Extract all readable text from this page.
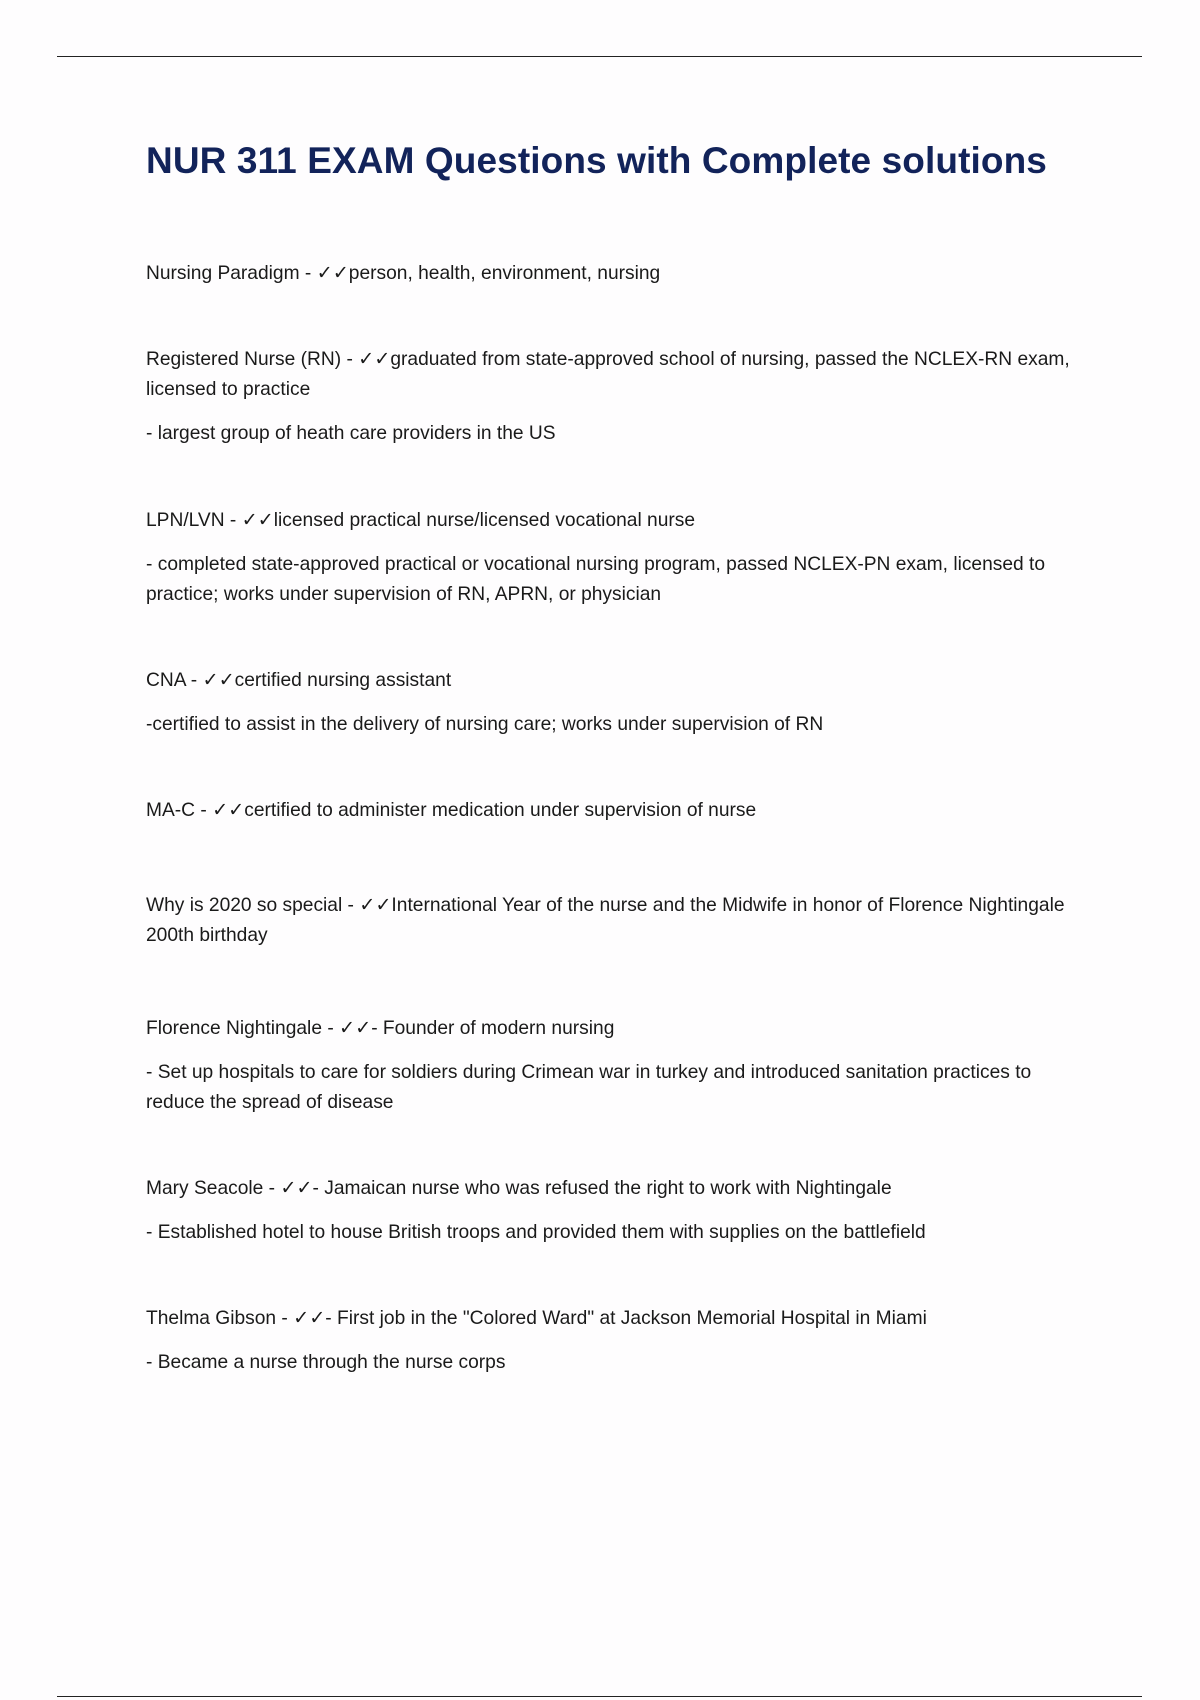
NUR 311 EXAM Questions with Complete solutions

Nursing Paradigm - ✓✓person, health, environment, nursing

Registered Nurse (RN) - ✓✓graduated from state-approved school of nursing, passed the NCLEX-RN exam, licensed to practice

- largest group of heath care providers in the US

LPN/LVN - ✓✓licensed practical nurse/licensed vocational nurse

- completed state-approved practical or vocational nursing program, passed NCLEX-PN exam, licensed to practice; works under supervision of RN, APRN, or physician

CNA - ✓✓certified nursing assistant

-certified to assist in the delivery of nursing care; works under supervision of RN

MA-C - ✓✓certified to administer medication under supervision of nurse

Why is 2020 so special - ✓✓International Year of the nurse and the Midwife in honor of Florence Nightingale 200th birthday

Florence Nightingale - ✓✓- Founder of modern nursing

- Set up hospitals to care for soldiers during Crimean war in turkey and introduced sanitation practices to reduce the spread of disease

Mary Seacole - ✓✓- Jamaican nurse who was refused the right to work with Nightingale

- Established hotel to house British troops and provided them with supplies on the battlefield

Thelma Gibson - ✓✓- First job in the "Colored Ward" at Jackson Memorial Hospital in Miami

- Became a nurse through the nurse corps
